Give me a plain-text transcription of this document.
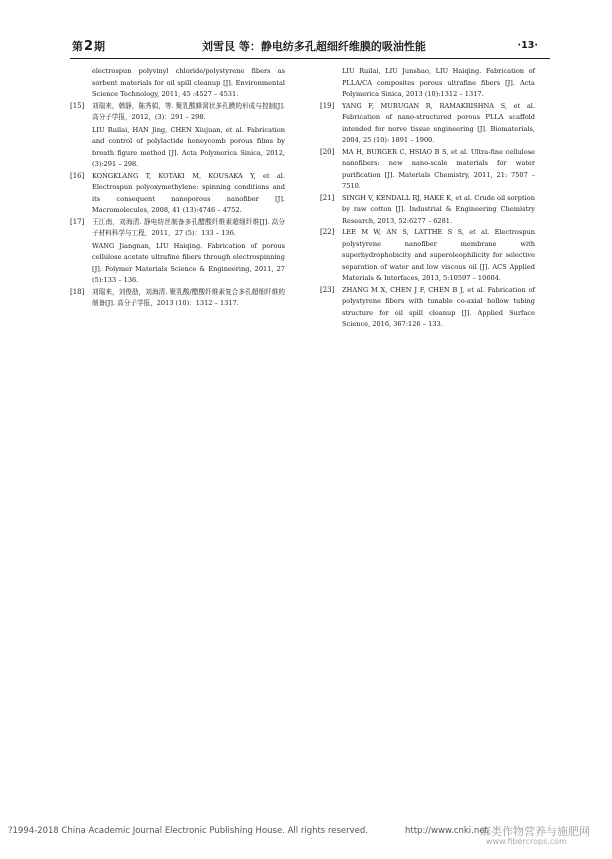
第2期	刘雪艮 等：静电纺多孔超细纤维膜的吸油性能	·13·
electrospun polyvinyl chloride/polystyrene fibers as sorbent materials for oil spill cleanup [J]. Environmental Science Technology, 2011, 45 :4527 – 4531.
[15] 刘瑞来，韩静，陈秀娟，等. 聚乳酸蜂窝状多孔膜的形成与控制[J]. 高分子学报，2012，(3)：291 – 298.
LIU Ruilai, HAN Jing, CHEN Xiujuan, et al. Fabrication and control of polylactide honeycomb porous films by breath figure method [J]. Acta Polymerica Sinica, 2012, (3):291 – 298.
[16] KONGKLANG T, KOTAKI M, KOUSAKA Y, et al. Electrospun polyoxymethylene: spinning conditions and its consequent nanoporous nanofiber [J]. Macromolecules, 2008, 41 (13):4746 – 4752.
[17] 王江南，刘海清. 静电纺丝制备多孔醋酸纤维素超细纤维[J]. 高分子材料科学与工程，2011，27 (5)：133 – 136.
WANG Jiangnan, LIU Haiqing. Fabrication of porous cellulose acetate ultrafine fibers through electrospinning [J]. Polymer Materials Science & Engineering, 2011, 27 (5):133 – 136.
[18] 刘瑞来，刘俊劭，刘海清. 聚乳酸/醋酸纤维素复合多孔超细纤维的制备[J]. 高分子学报，2013 (10)：1312 – 1317.
LIU Ruilai, LIU Junshao, LIU Haiqing. Fabrication of PLLA/CA composites porous ultrafine fibers [J]. Acta Polymerica Sinica, 2013 (10):1312 – 1317.
[19] YANG F, MURUGAN R, RAMAKRISHNA S, et al. Fabrication of nano-structured porous PLLA scaffold intended for nerve tissue engineering [J]. Biomaterials, 2004, 25 (10): 1891 – 1900.
[20] MA H, BURGER C, HSIAO B S, et al. Ultra-fine cellulose nanofibers: new nano-scale materials for water purification [J]. Materials Chemistry, 2011, 21: 7507 – 7510.
[21] SINGH V, KENDALL RJ, HAKE K, et al. Crude oil sorption by raw cotton [J]. Industrial & Engineering Chemistry Research, 2013, 52:6277 – 6281.
[22] LEE M W, AN S, LATTHE S S, et al. Electrospun polystyrene nanofiber membrane with superhydrophobicity and superoleophilicity for selective separation of water and low viscous oil [J]. ACS Applied Materials & Interfaces, 2013, 5:10597 – 10604.
[23] ZHANG M X, CHEN J F, CHEN B J, et al. Fabrication of polystyrene fibers with tunable co-axial hollow tubing structure for oil spill cleanup [J]. Applied Surface Science, 2016, 367:126 – 133.
?1994-2018 China Academic Journal Electronic Publishing House. All rights reserved.	http://www.cnki.net
麻类作物营养与施肥网
www.fibercrops.com
